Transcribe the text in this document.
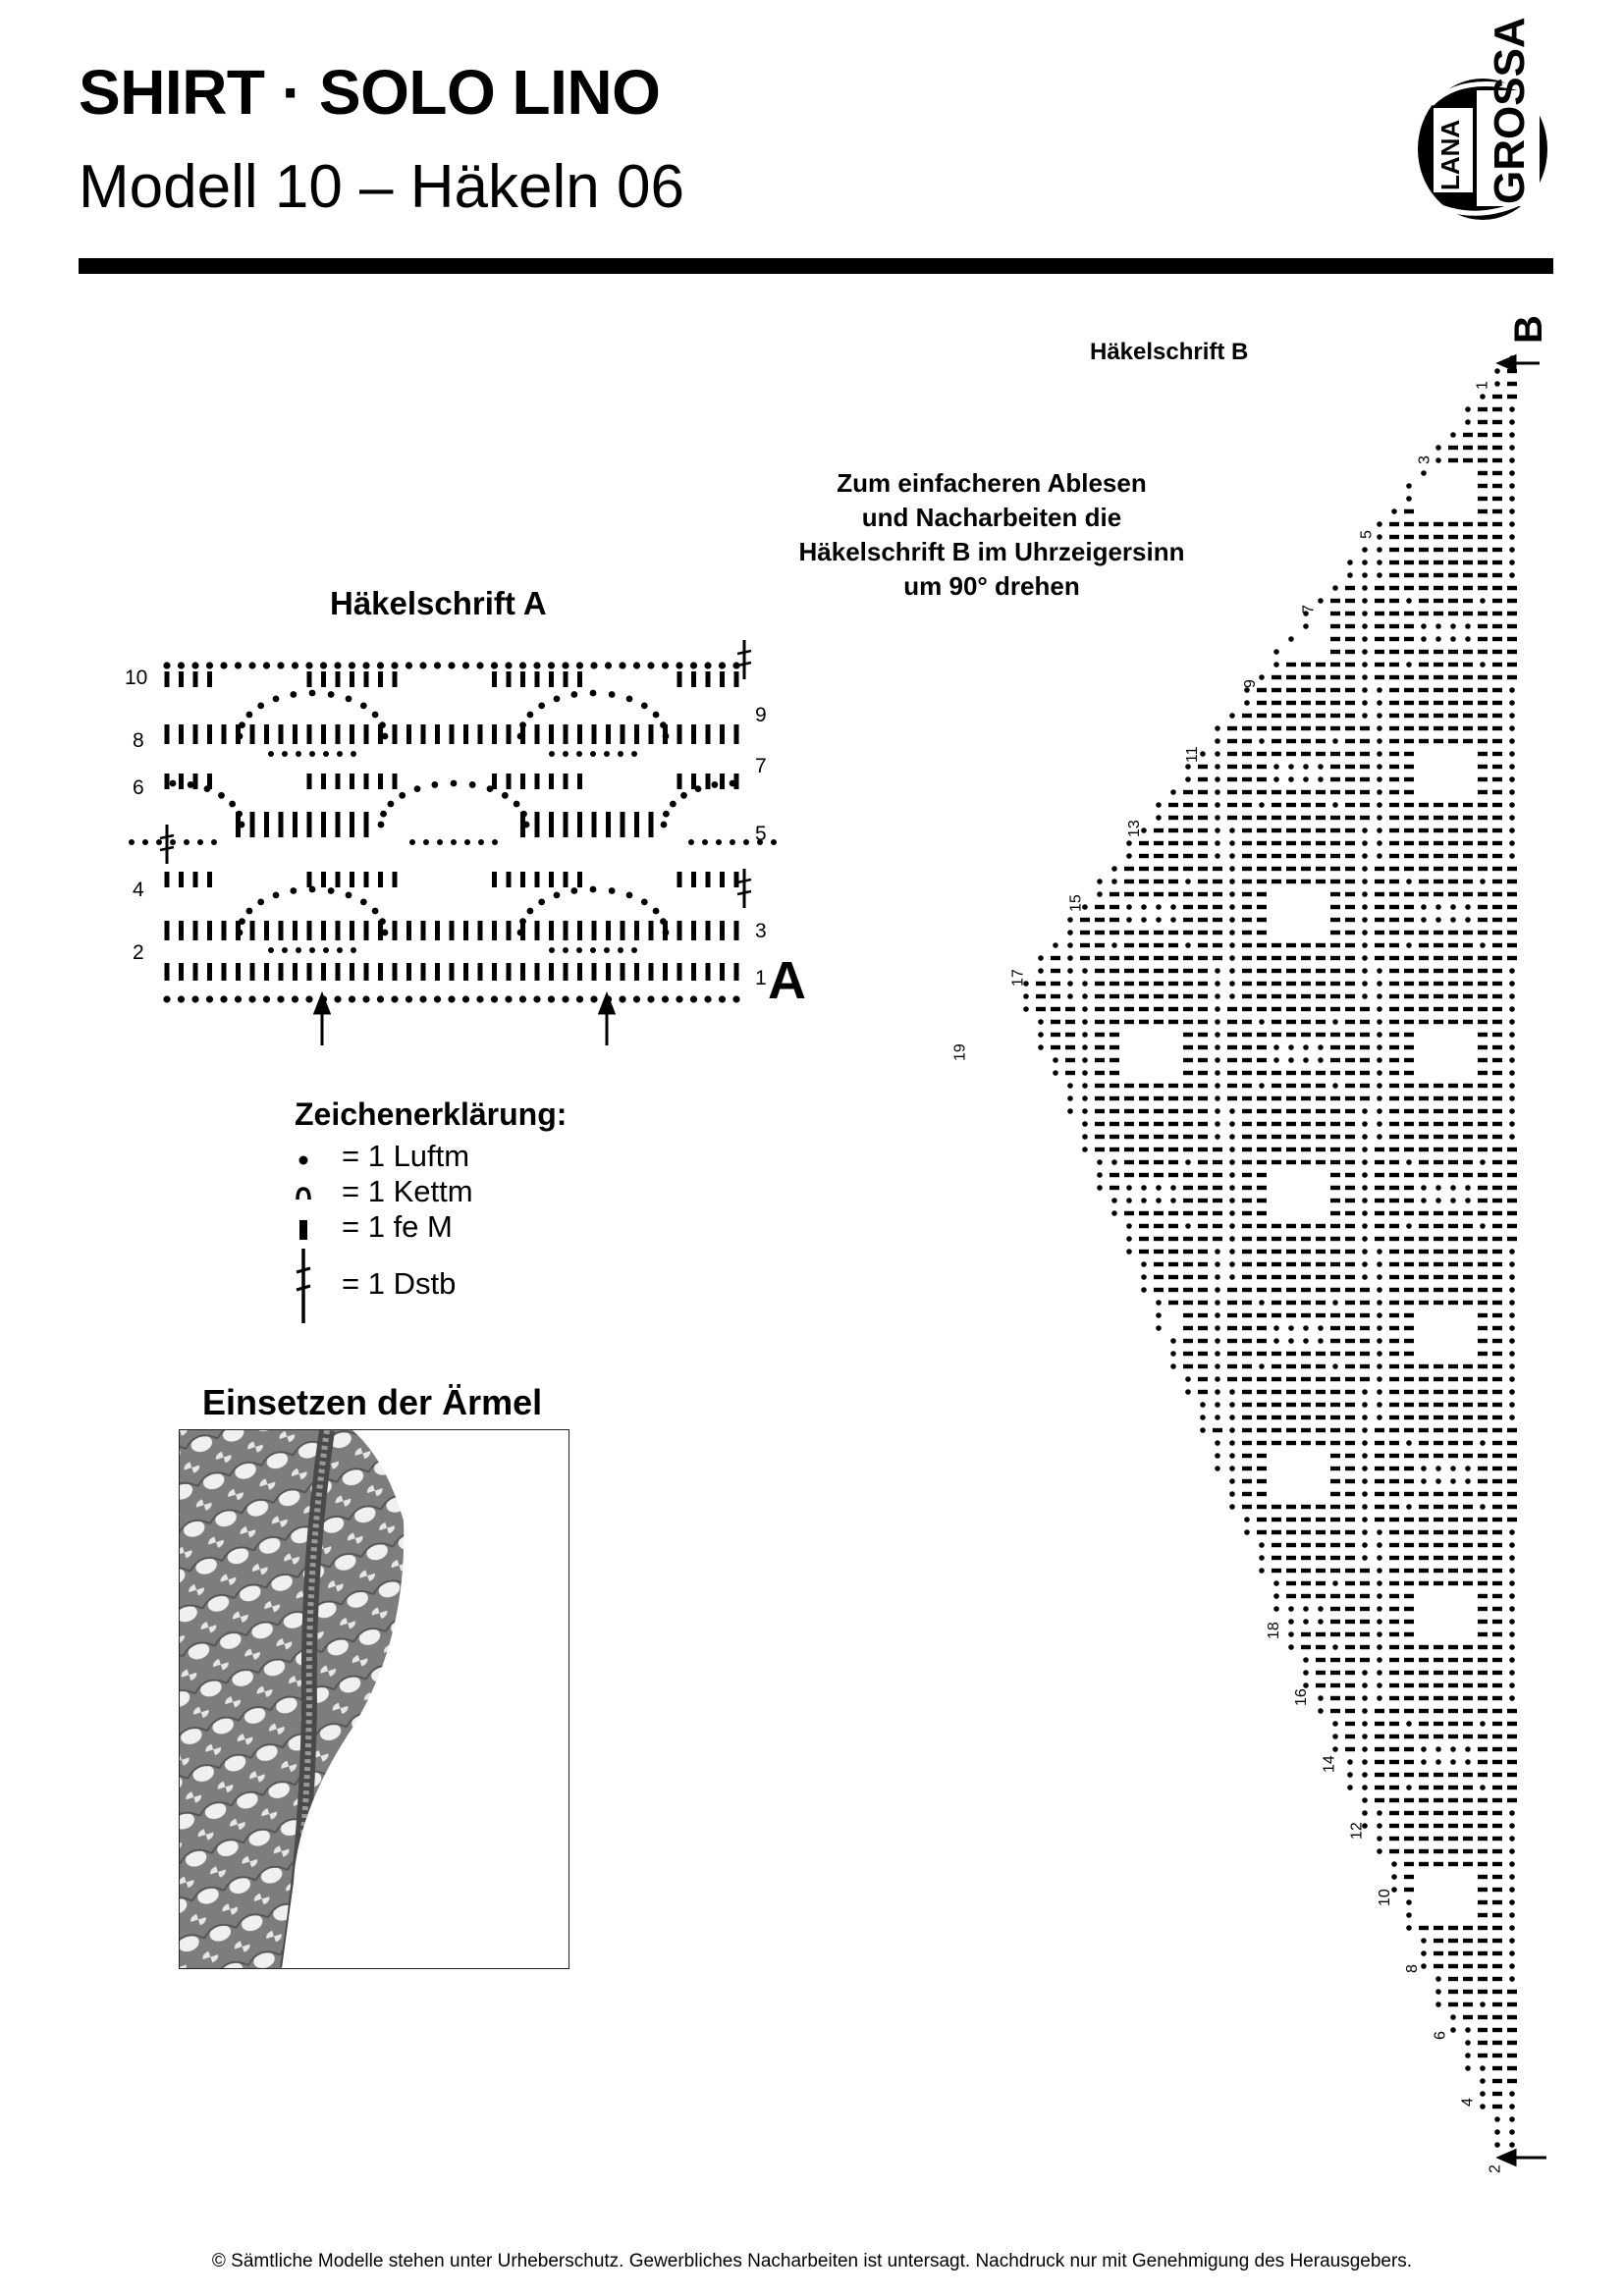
SHIRT · SOLO LINO
Modell 10 – Häkeln 06	LANA GROSSA
Häkelschrift B
Zum einfacheren Ablesen
und Nacharbeiten die
Häkelschrift B im Uhrzeigersinn
um 90° drehen
Häkelschrift A
10
8
6
4
2
9
7
5
3
1 A
Zeichenerklärung:
= 1 Luftm
= 1 Kettm
= 1 fe M
= 1 Dstb
Einsetzen der Ärmel
1
3
5
7
9
11
13
15
17
19
18
16
14
12
10
8
6
4
2
B
© Sämtliche Modelle stehen unter Urheberschutz. Gewerbliches Nacharbeiten ist untersagt. Nachdruck nur mit Genehmigung des Herausgebers.
